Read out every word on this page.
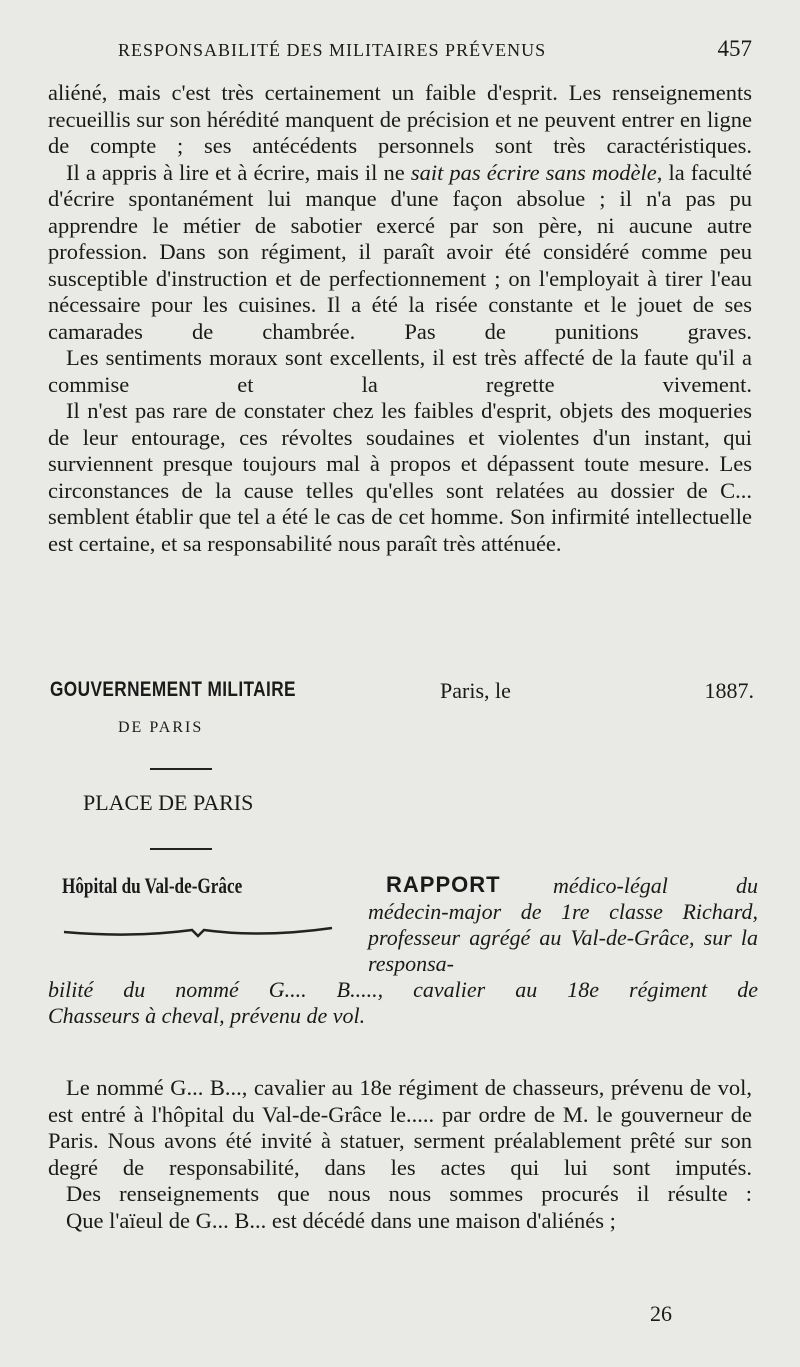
RESPONSABILITÉ DES MILITAIRES PRÉVENUS	457

aliéné, mais c'est très certainement un faible d'esprit. Les renseignements recueillis sur son hérédité manquent de précision et ne peuvent entrer en ligne de compte ; ses antécédents personnels sont très caractéristiques.

Il a appris à lire et à écrire, mais il ne sait pas écrire sans modèle, la faculté d'écrire spontanément lui manque d'une façon absolue ; il n'a pas pu apprendre le métier de sabotier exercé par son père, ni aucune autre profession. Dans son régiment, il paraît avoir été considéré comme peu susceptible d'instruction et de perfectionnement ; on l'employait à tirer l'eau nécessaire pour les cuisines. Il a été la risée constante et le jouet de ses camarades de chambrée. Pas de punitions graves.

Les sentiments moraux sont excellents, il est très affecté de la faute qu'il a commise et la regrette vivement.

Il n'est pas rare de constater chez les faibles d'esprit, objets des moqueries de leur entourage, ces révoltes soudaines et violentes d'un instant, qui surviennent presque toujours mal à propos et dépassent toute mesure. Les circonstances de la cause telles qu'elles sont relatées au dossier de C... semblent établir que tel a été le cas de cet homme. Son infirmité intellectuelle est certaine, et sa responsabilité nous paraît très atténuée.

GOUVERNEMENT MILITAIRE
DE PARIS
PLACE DE PARIS
Paris, le	1887.
Hôpital du Val-de-Grâce	RAPPORT	médico-légal du médecin-major de 1re classe Richard, professeur agrégé au Val-de-Grâce, sur la responsa-

bilité du nommé G.... B....., cavalier au 18e régiment de

Chasseurs à cheval, prévenu de vol.

Le nommé G... B..., cavalier au 18e régiment de chasseurs, prévenu de vol, est entré à l'hôpital du Val-de-Grâce le..... par ordre de M. le gouverneur de Paris. Nous avons été invité à statuer, serment préalablement prêté sur son degré de responsabilité, dans les actes qui lui sont imputés.

Des renseignements que nous nous sommes procurés il résulte :

Que l'aïeul de G... B... est décédé dans une maison d'aliénés ;

26
